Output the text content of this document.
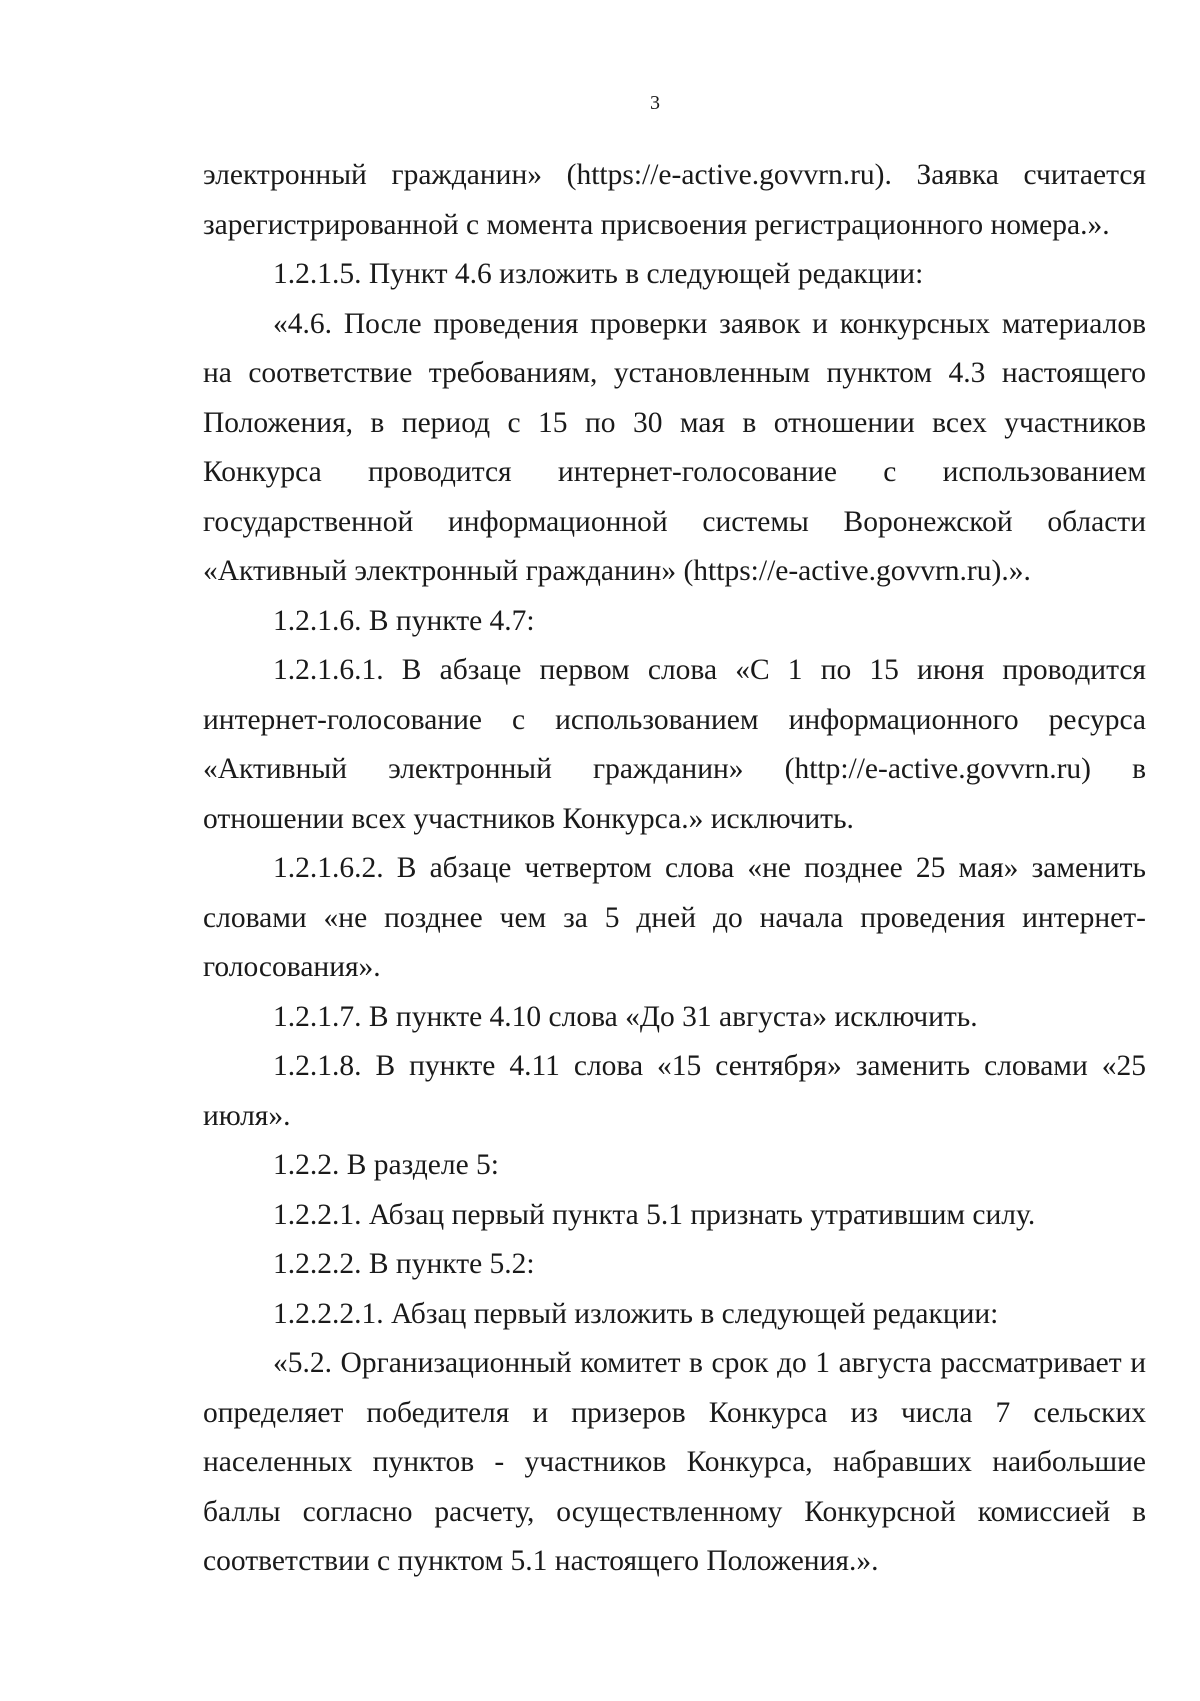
3

электронный гражданин» (https://e-active.govvrn.ru). Заявка считается зарегистрированной с момента присвоения регистрационного номера.».

1.2.1.5. Пункт 4.6 изложить в следующей редакции:

«4.6. После проведения проверки заявок и конкурсных материалов на соответствие требованиям, установленным пунктом 4.3 настоящего Положения, в период с 15 по 30 мая в отношении всех участников Конкурса проводится интернет-голосование с использованием государственной информационной системы Воронежской области «Активный электронный гражданин» (https://e-active.govvrn.ru).».

1.2.1.6. В пункте 4.7:

1.2.1.6.1. В абзаце первом слова «С 1 по 15 июня проводится интернет-голосование с использованием информационного ресурса «Активный электронный гражданин» (http://e-active.govvrn.ru) в отношении всех участников Конкурса.» исключить.

1.2.1.6.2. В абзаце четвертом слова «не позднее 25 мая» заменить словами «не позднее чем за 5 дней до начала проведения интернет-голосования».

1.2.1.7. В пункте 4.10 слова «До 31 августа» исключить.

1.2.1.8. В пункте 4.11 слова «15 сентября» заменить словами «25 июля».

1.2.2. В разделе 5:

1.2.2.1. Абзац первый пункта 5.1 признать утратившим силу.

1.2.2.2. В пункте 5.2:

1.2.2.2.1. Абзац первый изложить в следующей редакции:

«5.2. Организационный комитет в срок до 1 августа рассматривает и определяет победителя и призеров Конкурса из числа 7 сельских населенных пунктов - участников Конкурса, набравших наибольшие баллы согласно расчету, осуществленному Конкурсной комиссией в соответствии с пунктом 5.1 настоящего Положения.».
